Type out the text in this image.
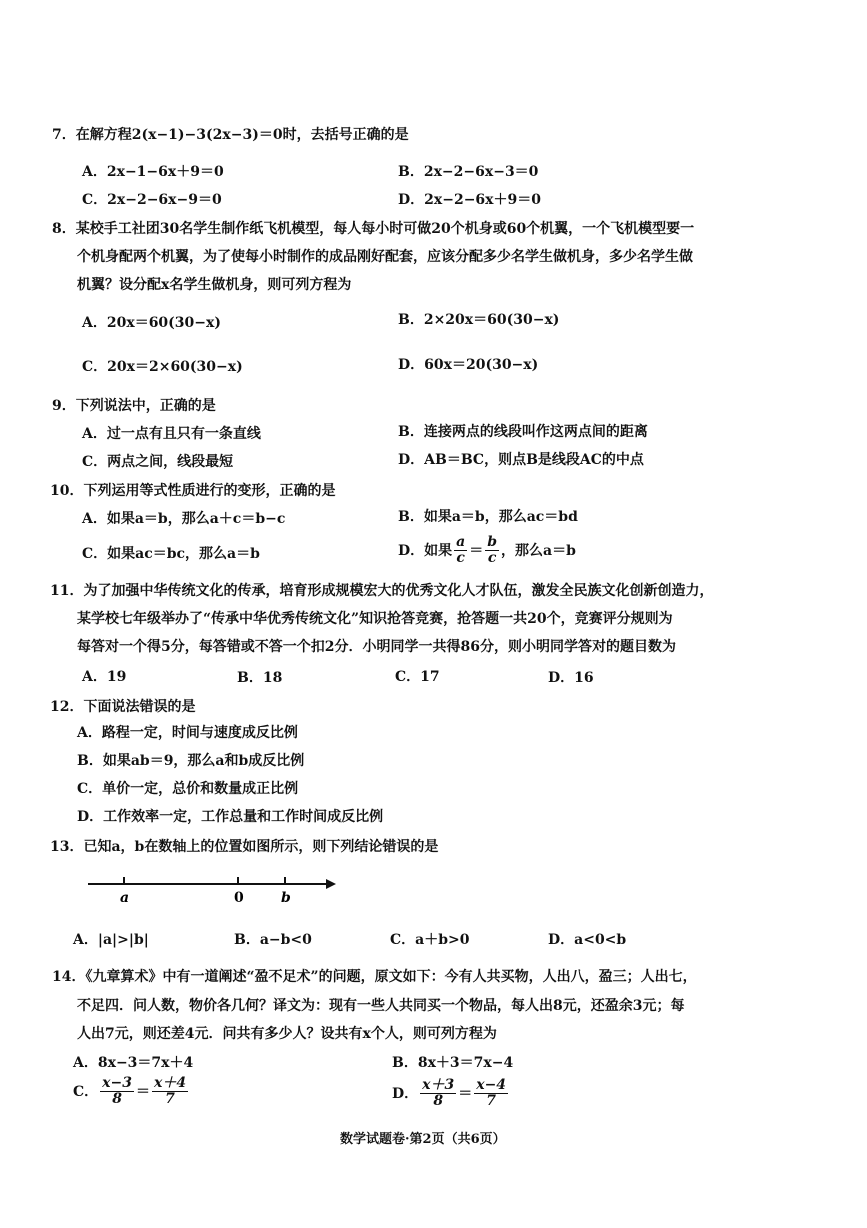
7．在解方程2(x−1)−3(2x−3)＝0时，去括号正确的是
A．2x−1−6x＋9＝0	B．2x−2−6x−3＝0
C．2x−2−6x−9＝0	D．2x−2−6x＋9＝0
8．某校手工社团30名学生制作纸飞机模型，每人每小时可做20个机身或60个机翼，一个飞机模型要一
个机身配两个机翼，为了使每小时制作的成品刚好配套，应该分配多少名学生做机身，多少名学生做
机翼？设分配x名学生做机身，则可列方程为
A．20x＝60(30−x)	B．2×20x＝60(30−x)
C．20x＝2×60(30−x)	D．60x＝20(30−x)
9．下列说法中，正确的是
A．过一点有且只有一条直线	B．连接两点的线段叫作这两点间的距离
C．两点之间，线段最短	D．AB＝BC，则点B是线段AC的中点
10．下列运用等式性质进行的变形，正确的是
A．如果a＝b，那么a＋c＝b−c	B．如果a＝b，那么ac＝bd
C．如果ac＝bc，那么a＝b	D．如果 $\frac{a}{c} = \frac{b}{c}$ ，那么a＝b
11．为了加强中华传统文化的传承，培育形成规模宏大的优秀文化人才队伍，激发全民族文化创新创造力，
某学校七年级举办了“传承中华优秀传统文化”知识抢答竞赛，抢答题一共20个，竞赛评分规则为
每答对一个得5分，每答错或不答一个扣2分．小明同学一共得86分，则小明同学答对的题目数为
A．19	B．18	C．17	D．16
12．下面说法错误的是
A．路程一定，时间与速度成反比例
B．如果ab＝9，那么a和b成反比例
C．单价一定，总价和数量成正比例
D．工作效率一定，工作总量和工作时间成反比例
13．已知a，b在数轴上的位置如图所示，则下列结论错误的是
a	0	b
A．|a|>|b|	B．a−b<0	C．a＋b>0	D．a<0<b
14．《九章算术》中有一道阐述“盈不足术”的问题，原文如下：今有人共买物，人出八，盈三；人出七，
不足四．问人数，物价各几何？译文为：现有一些人共同买一个物品，每人出8元，还盈余3元；每
人出7元，则还差4元．问共有多少人？设共有x个人，则可列方程为
A．8x−3＝7x＋4	B．8x＋3＝7x−4
C． $\frac{x-3}{8} = \frac{x+4}{7}$	D． $\frac{x+3}{8} = \frac{x-4}{7}$
数学试题卷·第2页（共6页）
